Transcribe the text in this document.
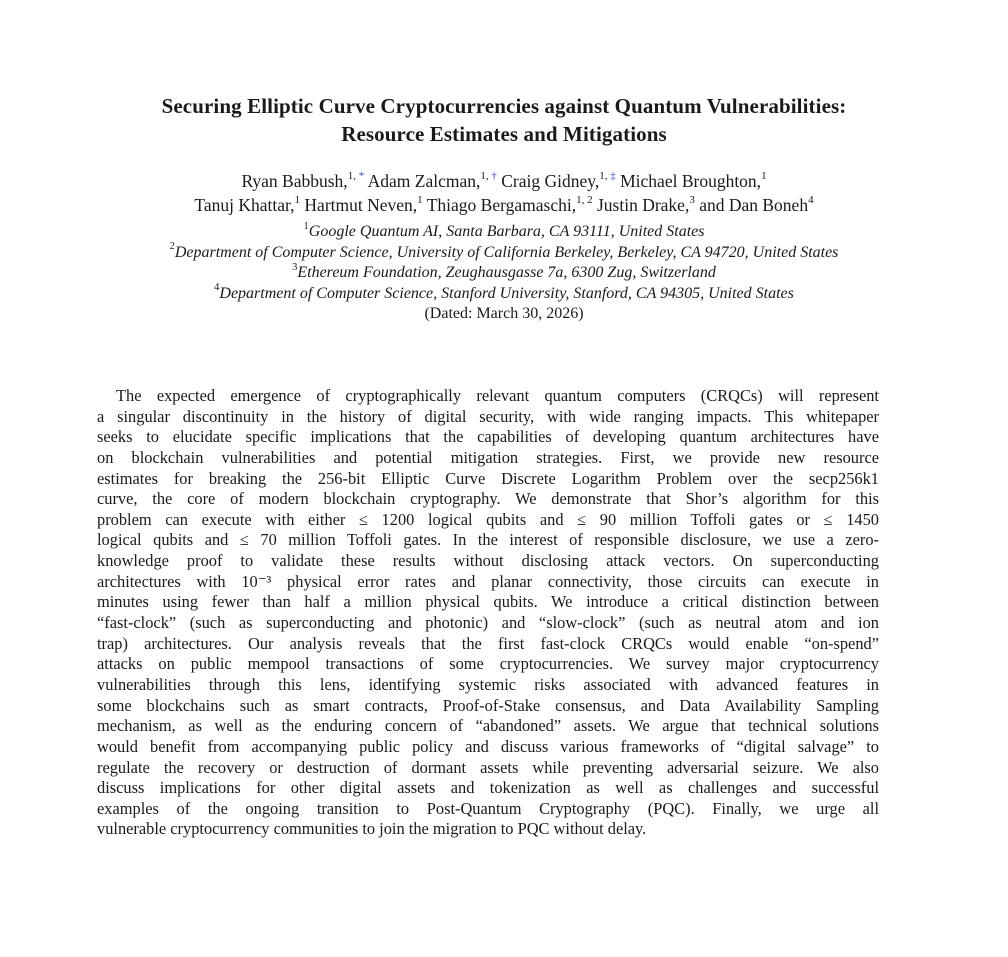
Securing Elliptic Curve Cryptocurrencies against Quantum Vulnerabilities:
Resource Estimates and Mitigations
Ryan Babbush,$^{1, *}$ Adam Zalcman,$^{1, \dagger}$ Craig Gidney,$^{1, \ddagger}$ Michael Broughton,$^1$
Tanuj Khattar,$^1$ Hartmut Neven,$^1$ Thiago Bergamaschi,$^{1, 2}$ Justin Drake,$^3$ and Dan Boneh$^4$
$^1$Google Quantum AI, Santa Barbara, CA 93111, United States
$^2$Department of Computer Science, University of California Berkeley, Berkeley, CA 94720, United States
$^3$Ethereum Foundation, Zeughausgasse 7a, 6300 Zug, Switzerland
$^4$Department of Computer Science, Stanford University, Stanford, CA 94305, United States
(Dated: March 30, 2026)
The expected emergence of cryptographically relevant quantum computers (CRQCs) will represent
a singular discontinuity in the history of digital security, with wide ranging impacts. This whitepaper
seeks to elucidate specific implications that the capabilities of developing quantum architectures have
on blockchain vulnerabilities and potential mitigation strategies. First, we provide new resource
estimates for breaking the 256-bit Elliptic Curve Discrete Logarithm Problem over the secp256k1
curve, the core of modern blockchain cryptography. We demonstrate that Shor’s algorithm for this
problem can execute with either ≤ 1200 logical qubits and ≤ 90 million Toffoli gates or ≤ 1450
logical qubits and ≤ 70 million Toffoli gates. In the interest of responsible disclosure, we use a zero-
knowledge proof to validate these results without disclosing attack vectors. On superconducting
architectures with 10⁻³ physical error rates and planar connectivity, those circuits can execute in
minutes using fewer than half a million physical qubits. We introduce a critical distinction between
“fast-clock” (such as superconducting and photonic) and “slow-clock” (such as neutral atom and ion
trap) architectures. Our analysis reveals that the first fast-clock CRQCs would enable “on-spend”
attacks on public mempool transactions of some cryptocurrencies. We survey major cryptocurrency
vulnerabilities through this lens, identifying systemic risks associated with advanced features in
some blockchains such as smart contracts, Proof-of-Stake consensus, and Data Availability Sampling
mechanism, as well as the enduring concern of “abandoned” assets. We argue that technical solutions
would benefit from accompanying public policy and discuss various frameworks of “digital salvage” to
regulate the recovery or destruction of dormant assets while preventing adversarial seizure. We also
discuss implications for other digital assets and tokenization as well as challenges and successful
examples of the ongoing transition to Post-Quantum Cryptography (PQC). Finally, we urge all
vulnerable cryptocurrency communities to join the migration to PQC without delay.
